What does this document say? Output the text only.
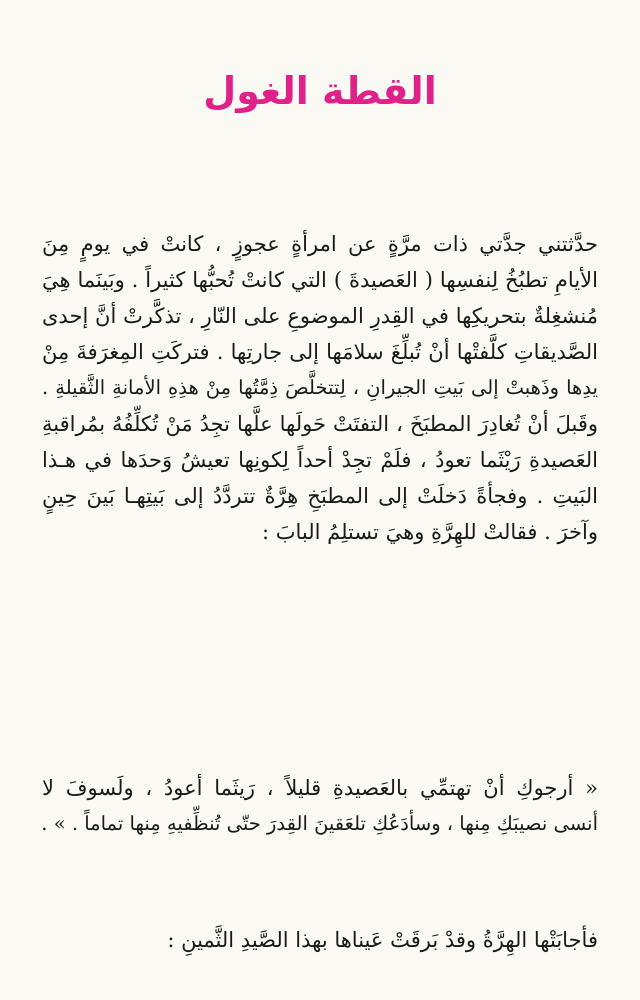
القطة الغول
حدَّثتني جدَّتي ذات مرَّةٍ عن امرأةٍ عجوزٍ ، كانتْ في يومٍ مِنَ
الأيامِ تطبُخُ لِنفسِها ( العَصيدةَ ) التي كانتْ تُحبُّها كثيراً . وبَينَما هِيَ
مُنشغِلةٌ بتحريكِها في القِدرِ الموضوعِ على النّارِ ، تذكَّرتْ أنَّ إحدى
الصَّديقاتِ كلَّفتْها أنْ تُبلِّغَ سلامَها إلى جارتِها . فتركَتِ المِغرَفةَ مِنْ
يدِها وذَهبتْ إلى بَيتِ الجيرانِ ، لِتتخلَّصَ ذِمَّتُها مِنْ هذِهِ الأمانةِ الثَّقيلةِ .
وقَبلَ أنْ تُغادِرَ المطبَخَ ، التفتَتْ حَولَها علَّها تجِدُ مَنْ تُكلِّفُهُ بمُراقبةِ
العَصيدةِ رَيْثَما تعودُ ، فلَمْ تجِدْ أحداً لِكونِها تعيشُ وَحدَها في هـذا
البَيتِ . وفجأةً دَخلَتْ إلى المطبَخِ هِرَّةٌ تتردَّدُ إلى بَيتِهـا بَينَ حِينٍ
وآخرَ . فقالتْ للهِرَّةِ وهيَ تستلِمُ البابَ :
« أرجوكِ أنْ تهتمِّي بالعَصيدةِ قليلاً ، رَيثَما أعودُ ، ولَسوفَ لا
أنسى نصيبَكِ مِنها ، وسأدَعُكِ تلعَقينَ القِدرَ حتّى تُنظِّفيهِ مِنها تماماً . » .
فأجابَتْها الهِرَّةُ وقدْ بَرقَتْ عَيناها بهذا الصَّيدِ الثَّمينِ :
